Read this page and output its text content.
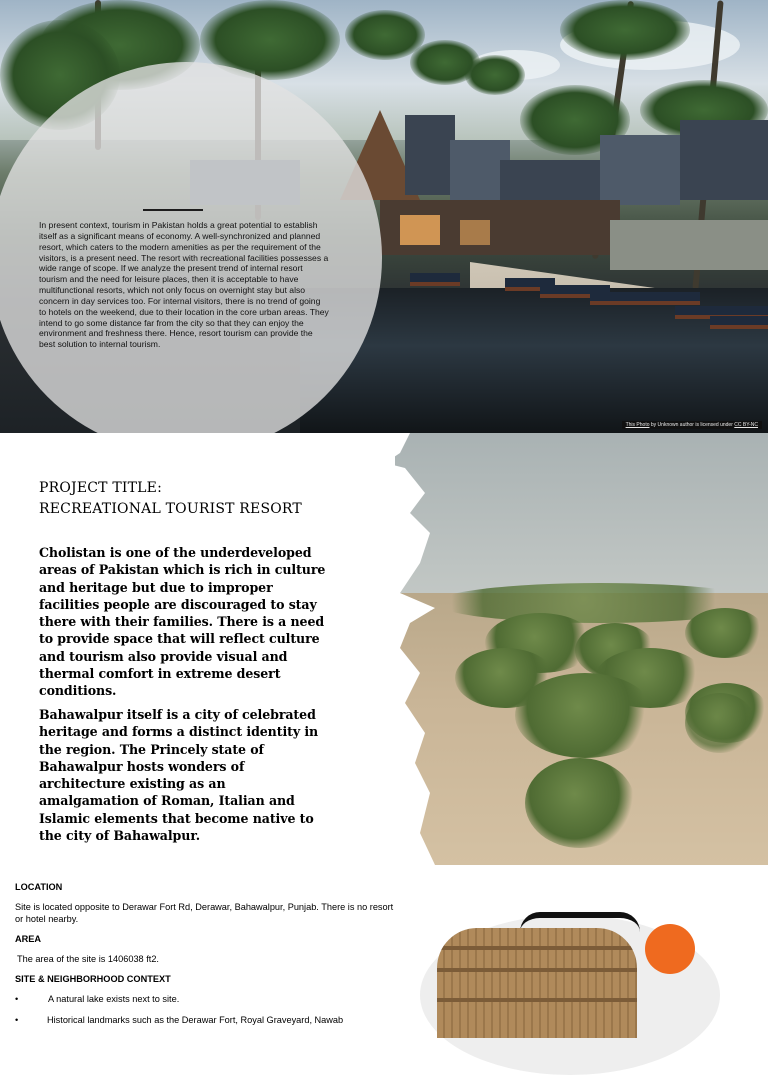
In present context, tourism in Pakistan holds a great potential to establish itself as a significant means of economy. A well-synchronized and planned resort, which caters to the modern amenities as per the requirement of the visitors, is a present need. The resort with recreational facilities possesses a wide range of scope. If we analyze the present trend of internal resort tourism and the need for leisure places, then it is acceptable to have multifunctional resorts, which not only focus on overnight stay but also concern in day services too. For internal visitors, there is no trend of going to hotels on the weekend, due to their location in the core urban areas. They intend to go some distance far from the city so that they can enjoy the environment and freshness there. Hence, resort tourism can provide the best solution to internal tourism.
This Photo by Unknown author is licensed under CC BY-NC
PROJECT TITLE:
RECREATIONAL TOURIST RESORT
Cholistan is one of the underdeveloped areas of Pakistan which is rich in culture and heritage but due to improper facilities people are discouraged to stay there with their families. There is a need to provide space that will reflect culture and tourism also provide visual and thermal comfort in extreme desert conditions.
Bahawalpur itself is a city of celebrated heritage and forms a distinct identity in the region. The Princely state of Bahawalpur hosts wonders of architecture existing as an amalgamation of Roman, Italian and Islamic elements that become native to the city of Bahawalpur.
LOCATION
Site is located opposite to Derawar Fort Rd, Derawar, Bahawalpur, Punjab. There is no resort or hotel nearby.
AREA
The area of the site is 1406038 ft2.
SITE & NEIGHBORHOOD CONTEXT
•	A natural lake exists next to site.
•	Historical landmarks such as the Derawar Fort, Royal Graveyard, Nawab
